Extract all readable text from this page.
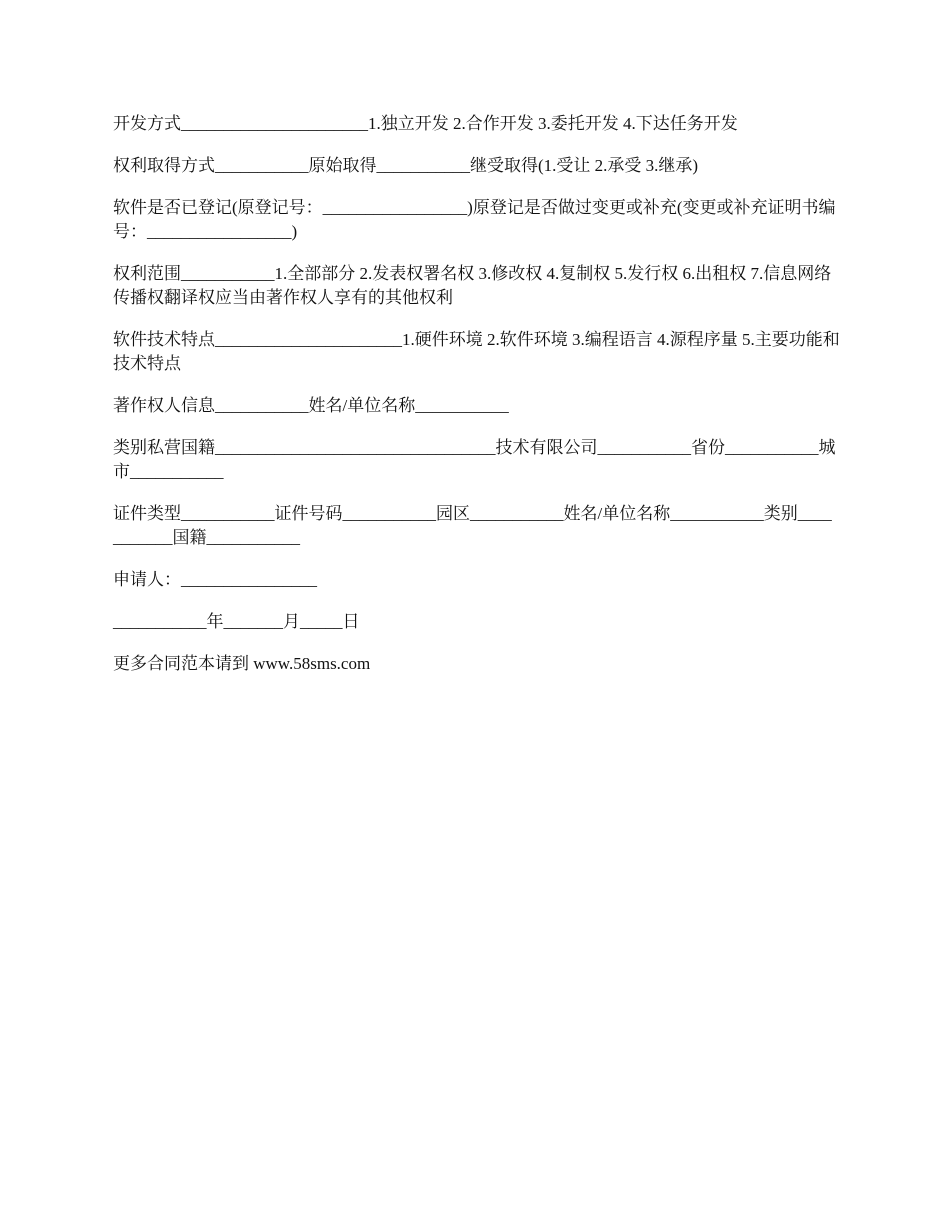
开发方式______________________1.独立开发 2.合作开发 3.委托开发 4.下达任务开发

权利取得方式___________原始取得___________继受取得(1.受让 2.承受 3.继承)

软件是否已登记(原登记号：_________________)原登记是否做过变更或补充(变更或补充证明书编号：_________________)

权利范围___________1.全部部分 2.发表权署名权 3.修改权 4.复制权 5.发行权 6.出租权 7.信息网络传播权翻译权应当由著作权人享有的其他权利

软件技术特点______________________1.硬件环境 2.软件环境 3.编程语言 4.源程序量 5.主要功能和技术特点

著作权人信息___________姓名/单位名称___________

类别私营国籍_________________________________技术有限公司___________省份___________城市___________

证件类型___________证件号码___________园区___________姓名/单位名称___________类别___________国籍___________

申请人：________________

___________年_______月_____日

更多合同范本请到 www.58sms.com
